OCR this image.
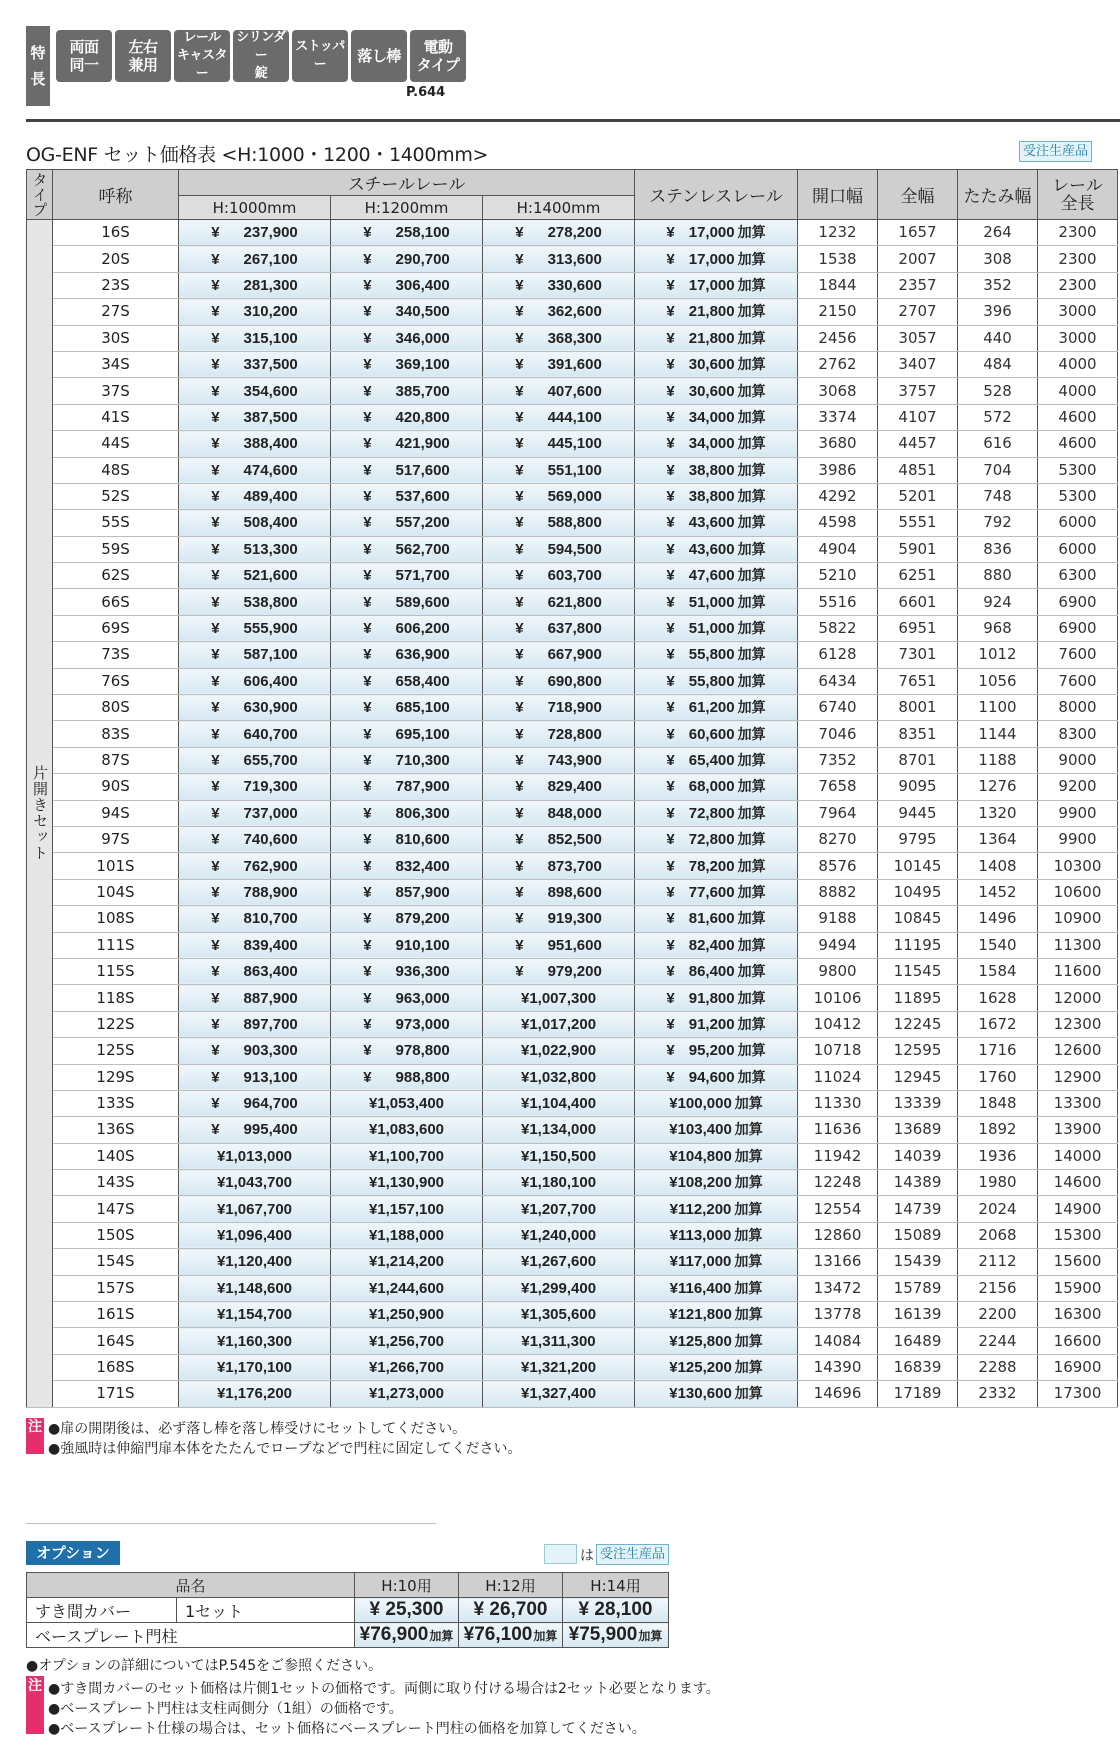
特
長
両面
同一
左右
兼用
レール
キャスター
シリンダー
錠
ストッパー	落し棒	電動
タイプ
P.644
OG-ENF セット価格表 <H:1000・1200・1400mm>	受注生産品
タイプ	呼称	スチールレール			ステンレスレール	開口幅	全幅	たたみ幅	レール
全長
		H:1000mm	H:1200mm	H:1400mm					

片開きセット	16S	¥ 237,900	¥ 258,100	¥ 278,200	¥ 17,000 加算	1232	1657	264	2300
	20S	¥ 267,100	¥ 290,700	¥ 313,600	¥ 17,000 加算	1538	2007	308	2300
	23S	¥ 281,300	¥ 306,400	¥ 330,600	¥ 17,000 加算	1844	2357	352	2300
	27S	¥ 310,200	¥ 340,500	¥ 362,600	¥ 21,800 加算	2150	2707	396	3000
	30S	¥ 315,100	¥ 346,000	¥ 368,300	¥ 21,800 加算	2456	3057	440	3000
	34S	¥ 337,500	¥ 369,100	¥ 391,600	¥ 30,600 加算	2762	3407	484	4000
	37S	¥ 354,600	¥ 385,700	¥ 407,600	¥ 30,600 加算	3068	3757	528	4000
	41S	¥ 387,500	¥ 420,800	¥ 444,100	¥ 34,000 加算	3374	4107	572	4600
	44S	¥ 388,400	¥ 421,900	¥ 445,100	¥ 34,000 加算	3680	4457	616	4600
	48S	¥ 474,600	¥ 517,600	¥ 551,100	¥ 38,800 加算	3986	4851	704	5300
	52S	¥ 489,400	¥ 537,600	¥ 569,000	¥ 38,800 加算	4292	5201	748	5300
	55S	¥ 508,400	¥ 557,200	¥ 588,800	¥ 43,600 加算	4598	5551	792	6000
	59S	¥ 513,300	¥ 562,700	¥ 594,500	¥ 43,600 加算	4904	5901	836	6000
	62S	¥ 521,600	¥ 571,700	¥ 603,700	¥ 47,600 加算	5210	6251	880	6300
	66S	¥ 538,800	¥ 589,600	¥ 621,800	¥ 51,000 加算	5516	6601	924	6900
	69S	¥ 555,900	¥ 606,200	¥ 637,800	¥ 51,000 加算	5822	6951	968	6900
	73S	¥ 587,100	¥ 636,900	¥ 667,900	¥ 55,800 加算	6128	7301	1012	7600
	76S	¥ 606,400	¥ 658,400	¥ 690,800	¥ 55,800 加算	6434	7651	1056	7600
	80S	¥ 630,900	¥ 685,100	¥ 718,900	¥ 61,200 加算	6740	8001	1100	8000
	83S	¥ 640,700	¥ 695,100	¥ 728,800	¥ 60,600 加算	7046	8351	1144	8300
	87S	¥ 655,700	¥ 710,300	¥ 743,900	¥ 65,400 加算	7352	8701	1188	9000
	90S	¥ 719,300	¥ 787,900	¥ 829,400	¥ 68,000 加算	7658	9095	1276	9200
	94S	¥ 737,000	¥ 806,300	¥ 848,000	¥ 72,800 加算	7964	9445	1320	9900
	97S	¥ 740,600	¥ 810,600	¥ 852,500	¥ 72,800 加算	8270	9795	1364	9900
	101S	¥ 762,900	¥ 832,400	¥ 873,700	¥ 78,200 加算	8576	10145	1408	10300
	104S	¥ 788,900	¥ 857,900	¥ 898,600	¥ 77,600 加算	8882	10495	1452	10600
	108S	¥ 810,700	¥ 879,200	¥ 919,300	¥ 81,600 加算	9188	10845	1496	10900
	111S	¥ 839,400	¥ 910,100	¥ 951,600	¥ 82,400 加算	9494	11195	1540	11300
	115S	¥ 863,400	¥ 936,300	¥ 979,200	¥ 86,400 加算	9800	11545	1584	11600
	118S	¥ 887,900	¥ 963,000	¥1,007,300	¥ 91,800 加算	10106	11895	1628	12000
	122S	¥ 897,700	¥ 973,000	¥1,017,200	¥ 91,200 加算	10412	12245	1672	12300
	125S	¥ 903,300	¥ 978,800	¥1,022,900	¥ 95,200 加算	10718	12595	1716	12600
	129S	¥ 913,100	¥ 988,800	¥1,032,800	¥ 94,600 加算	11024	12945	1760	12900
	133S	¥ 964,700	¥1,053,400	¥1,104,400	¥100,000 加算	11330	13339	1848	13300
	136S	¥ 995,400	¥1,083,600	¥1,134,000	¥103,400 加算	11636	13689	1892	13900
	140S	¥1,013,000	¥1,100,700	¥1,150,500	¥104,800 加算	11942	14039	1936	14000
	143S	¥1,043,700	¥1,130,900	¥1,180,100	¥108,200 加算	12248	14389	1980	14600
	147S	¥1,067,700	¥1,157,100	¥1,207,700	¥112,200 加算	12554	14739	2024	14900
	150S	¥1,096,400	¥1,188,000	¥1,240,000	¥113,000 加算	12860	15089	2068	15300
	154S	¥1,120,400	¥1,214,200	¥1,267,600	¥117,000 加算	13166	15439	2112	15600
	157S	¥1,148,600	¥1,244,600	¥1,299,400	¥116,400 加算	13472	15789	2156	15900
	161S	¥1,154,700	¥1,250,900	¥1,305,600	¥121,800 加算	13778	16139	2200	16300
	164S	¥1,160,300	¥1,256,700	¥1,311,300	¥125,800 加算	14084	16489	2244	16600
	168S	¥1,170,100	¥1,266,700	¥1,321,200	¥125,200 加算	14390	16839	2288	16900
	171S	¥1,176,200	¥1,273,000	¥1,327,400	¥130,600 加算	14696	17189	2332	17300
注 ●扉の開閉後は、必ず落し棒を落し棒受けにセットしてください。
●強風時は伸縮門扉本体をたたんでロープなどで門柱に固定してください。
オプション	は 受注生産品
品名		H:10用	H:12用	H:14用
すき間カバー	1セット	¥ 25,300	¥ 26,700	¥ 28,100
ベースプレート門柱		¥76,900加算	¥76,100加算	¥75,900加算
●オプションの詳細についてはP.545をご参照ください。
注 ●すき間カバーのセット価格は片側1セットの価格です。両側に取り付ける場合は2セット必要となります。
●ベースプレート門柱は支柱両側分（1組）の価格です。
●ベースプレート仕様の場合は、セット価格にベースプレート門柱の価格を加算してください。
